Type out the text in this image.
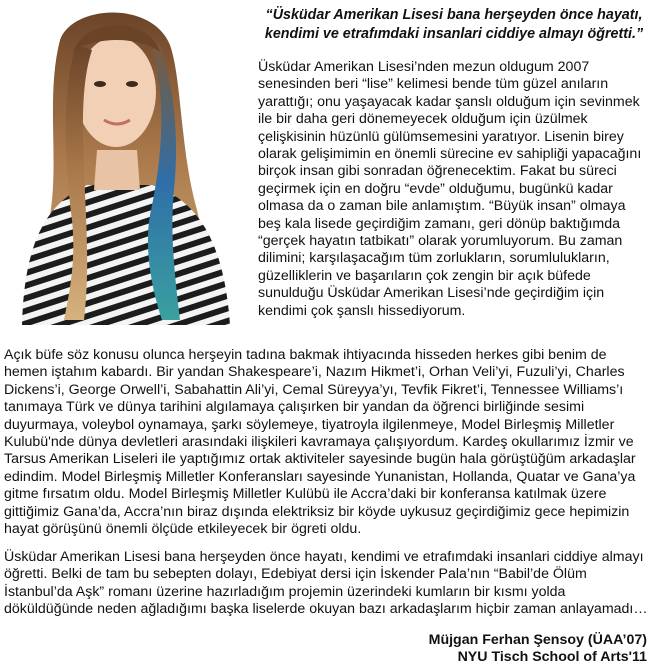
“Üsküdar Amerikan Lisesi bana herşeyden önce hayatı, kendimi ve etrafımdaki insanlari ciddiye almayı öğretti.”

Üsküdar Amerikan Lisesi’nden mezun oldugum 2007 senesinden beri “lise” kelimesi bende tüm güzel anıların yarattığı; onu yaşayacak kadar şanslı olduğum için sevinmek ile bir daha geri dönemeyecek olduğum için üzülmek çelişkisinin hüzünlü gülümsemesini yaratıyor. Lisenin birey olarak gelişimimin en önemli sürecine ev sahipliği yapacağını birçok insan gibi sonradan öğrenecektim. Fakat bu süreci geçirmek için en doğru “evde” olduğumu, bugünkü kadar olmasa da o zaman bile anlamıştım. “Büyük insan” olmaya beş kala lisede geçirdiğim zamanı, geri dönüp baktığımda “gerçek hayatın tatbikatı” olarak yorumluyorum. Bu zaman dilimini; karşılaşacağım tüm zorlukların, sorumlulukların, güzelliklerin ve başarıların çok zengin bir açık büfede sunulduğu Üsküdar Amerikan Lisesi’nde geçirdiğim için kendimi çok şanslı hissediyorum.

Açık büfe söz konusu olunca herşeyin tadına bakmak ihtiyacında hisseden herkes gibi benim de hemen iştahım kabardı. Bir yandan Shakespeare’i, Nazım Hikmet’i, Orhan Veli’yi, Fuzuli’yi, Charles Dickens’i, George Orwell’i, Sabahattin Ali’yi, Cemal Süreyya’yı, Tevfik Fikret’i, Tennessee Williams’ı tanımaya Türk ve dünya tarihini algılamaya çalışırken bir yandan da öğrenci birliğinde sesimi duyurmaya, voleybol oynamaya, şarkı söylemeye, tiyatroyla ilgilenmeye, Model Birleşmiş Milletler Kulubü'nde dünya devletleri arasındaki ilişkileri kavramaya çalışıyordum. Kardeş okullarımız İzmir ve Tarsus Amerikan Liseleri ile yaptığımız ortak aktiviteler sayesinde bugün hala görüştüğüm arkadaşlar edindim. Model Birleşmiş Milletler Konferansları sayesinde Yunanistan, Hollanda, Quatar ve Gana’ya gitme fırsatım oldu. Model Birleşmiş Milletler Kulübü ile Accra’daki bir konferansa katılmak üzere gittiğimiz Gana’da, Accra’nın biraz dışında elektriksiz bir köyde uykusuz geçirdiğimiz gece hepimizin hayat görüşünü önemli ölçüde etkileyecek bir ögreti oldu.

Üsküdar Amerikan Lisesi bana herşeyden önce hayatı, kendimi ve etrafımdaki insanlari ciddiye almayı öğretti. Belki de tam bu sebepten dolayı, Edebiyat dersi için İskender Pala’nın “Babil’de Ölüm İstanbul’da Aşk” romanı üzerine hazırladığım projemin üzerindeki kumların bir kısmı yolda döküldüğünde neden ağladığımı başka liselerde okuyan bazı arkadaşlarım hiçbir zaman anlayamadı…

Müjgan Ferhan Şensoy (ÜAA’07)
NYU Tisch School of Arts'11
